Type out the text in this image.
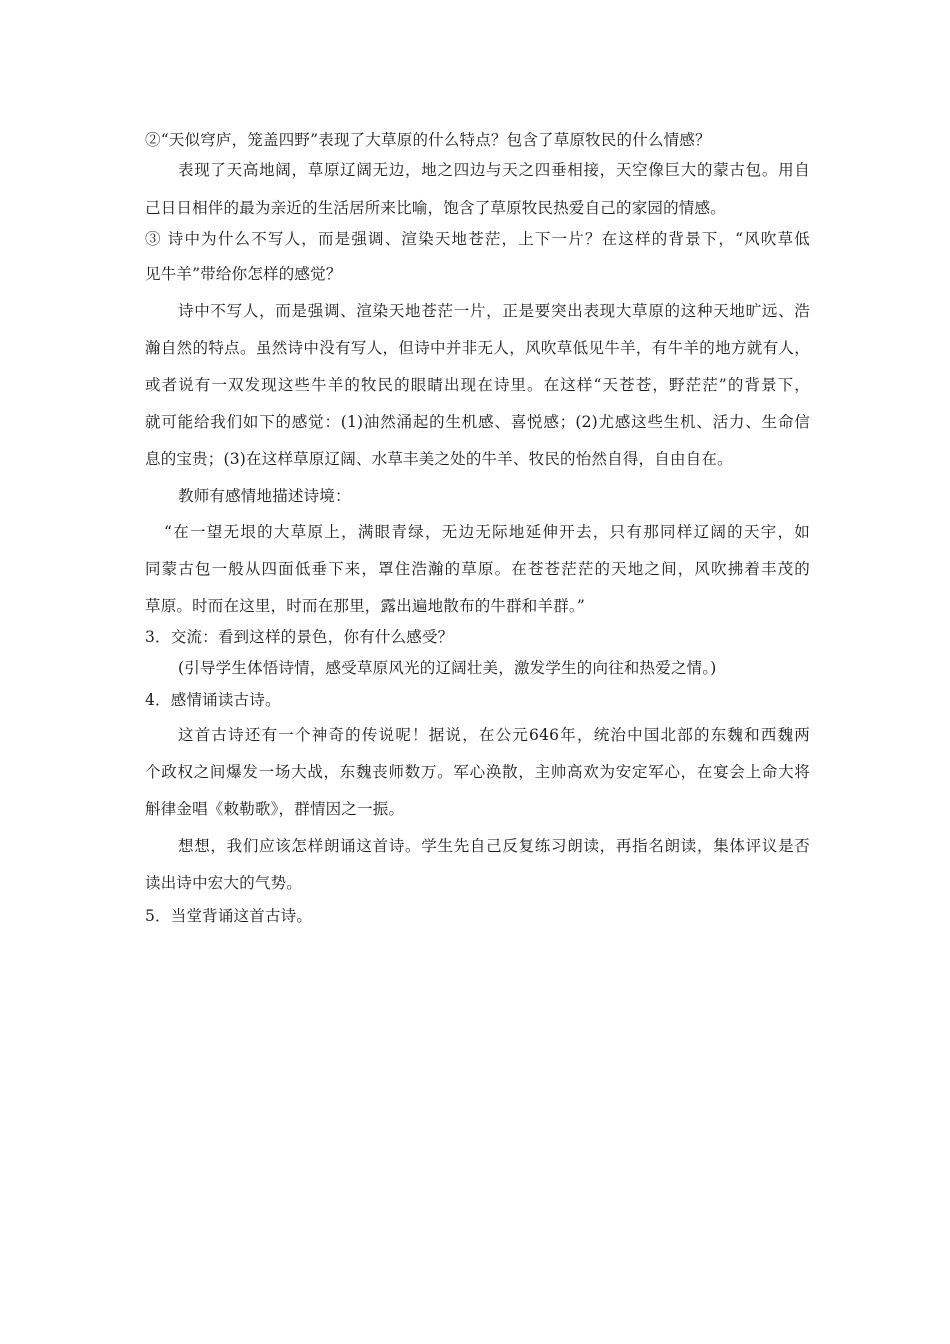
②“天似穹庐，笼盖四野”表现了大草原的什么特点？包含了草原牧民的什么情感？
表现了天高地阔，草原辽阔无边，地之四边与天之四垂相接，天空像巨大的蒙古包。用自
己日日相伴的最为亲近的生活居所来比喻，饱含了草原牧民热爱自己的家园的情感。
③ 诗中为什么不写人，而是强调、渲染天地苍茫，上下一片？在这样的背景下，“风吹草低
见牛羊”带给你怎样的感觉？
诗中不写人，而是强调、渲染天地苍茫一片，正是要突出表现大草原的这种天地旷远、浩
瀚自然的特点。虽然诗中没有写人，但诗中并非无人，风吹草低见牛羊，有牛羊的地方就有人，
或者说有一双发现这些牛羊的牧民的眼睛出现在诗里。在这样“天苍苍，野茫茫”的背景下，
就可能给我们如下的感觉：(1)油然涌起的生机感、喜悦感；(2)尤感这些生机、活力、生命信
息的宝贵；(3)在这样草原辽阔、水草丰美之处的牛羊、牧民的怡然自得，自由自在。
教师有感情地描述诗境：
“在一望无垠的大草原上，满眼青绿，无边无际地延伸开去，只有那同样辽阔的天宇，如
同蒙古包一般从四面低垂下来，罩住浩瀚的草原。在苍苍茫茫的天地之间，风吹拂着丰茂的
草原。时而在这里，时而在那里，露出遍地散布的牛群和羊群。”
3．交流：看到这样的景色，你有什么感受？
(引导学生体悟诗情，感受草原风光的辽阔壮美，激发学生的向往和热爱之情。)
4．感情诵读古诗。
这首古诗还有一个神奇的传说呢！据说，在公元646年，统治中国北部的东魏和西魏两
个政权之间爆发一场大战，东魏丧师数万。军心涣散，主帅高欢为安定军心，在宴会上命大将
斛律金唱《敕勒歌》，群情因之一振。
想想，我们应该怎样朗诵这首诗。学生先自己反复练习朗读，再指名朗读，集体评议是否
读出诗中宏大的气势。
5．当堂背诵这首古诗。
